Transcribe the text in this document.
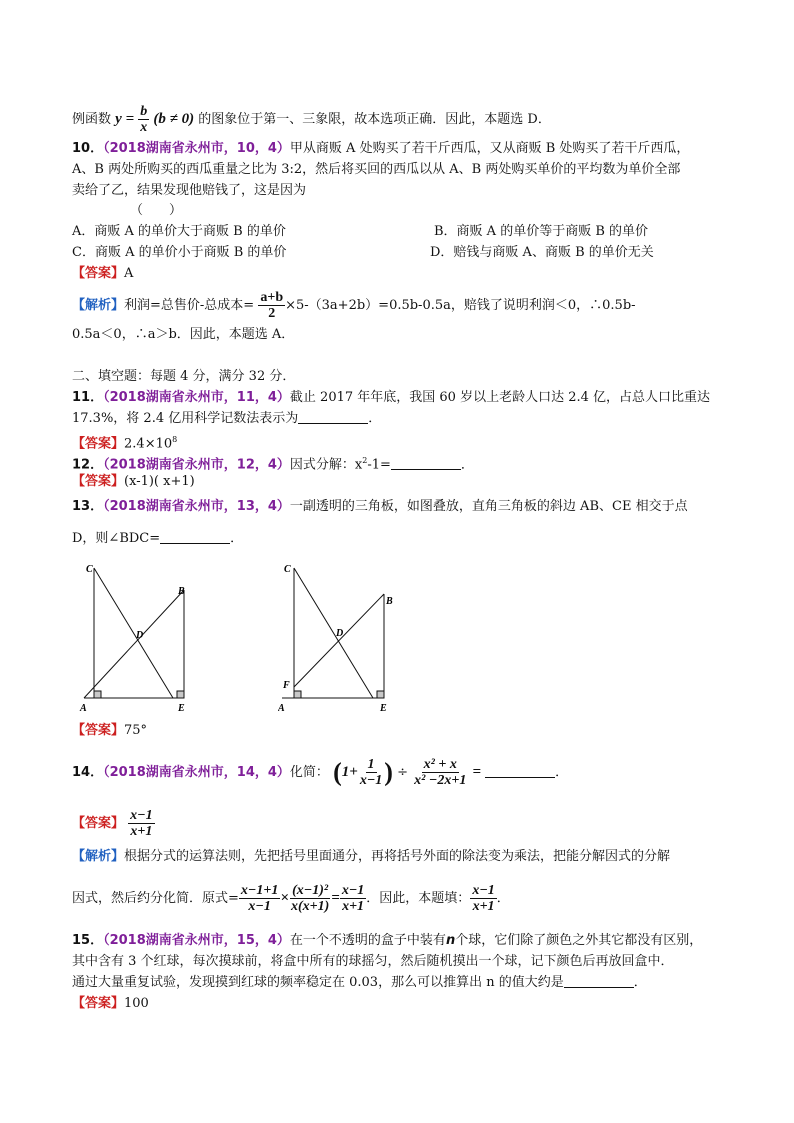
例函数 $y = \frac{b}{x} (b \ne 0)$ 的图象位于第一、三象限，故本选项正确．因此，本题选 D．
10．（2018湖南省永州市，10，4）甲从商贩 A 处购买了若干斤西瓜，又从商贩 B 处购买了若干斤西瓜，
A、B 两处所购买的西瓜重量之比为 3:2，然后将买回的西瓜以从 A、B 两处购买单价的平均数为单价全部
卖给了乙，结果发现他赔钱了，这是因为
（　　）
A．商贩 A 的单价大于商贩 B 的单价	B．商贩 A 的单价等于商贩 B 的单价
C．商贩 A 的单价小于商贩 B 的单价	D．赔钱与商贩 A、商贩 B 的单价无关
【答案】A
【解析】利润=总售价-总成本= $\frac{a+b}{2} \times 5-(3a+2b)=0.5b-0.5a$，赔钱了说明利润＜0，∴0.5b-
0.5a＜0，∴a＞b．因此，本题选 A．
二、填空题：每题 4 分，满分 32 分．
11．（2018湖南省永州市，11，4）截止 2017 年年底，我国 60 岁以上老龄人口达 2.4 亿，占总人口比重达
17.3%，将 2.4 亿用科学记数法表示为	．
【答案】$2.4\times 10^8$
12．（2018湖南省永州市，12，4）因式分解：$x^2-1=$	．
【答案】(x-1)( x+1)
13．（2018湖南省永州市，13，4）一副透明的三角板，如图叠放，直角三角板的斜边 AB、CE 相交于点
D，则∠BDC=	．
C
B
D
A	E
C
B
D
F
A	E
【答案】75°
14．（2018湖南省永州市，14，4）化简： ($1+ \frac{1}{x-1}$ ) ÷ $\frac{\text{x² + x}}{\text{x² −2x+1}}$ =	．
【答案】 $\frac{x-1}{x+1}$
【解析】根据分式的运算法则，先把括号里面通分，再将括号外面的除法变为乘法，把能分解因式的分解
因式，然后约分化简．原式= $\frac{x-1+1}{x-1} \times \frac{\text{(x−1)²}}{x(x+1)} = \frac{x-1}{x+1}$ ．因此，本题填： $\frac{x-1}{x+1}$ ．
15．（2018湖南省永州市，15，4）在一个不透明的盒子中装有n个球，它们除了颜色之外其它都没有区别，
其中含有 3 个红球，每次摸球前，将盒中所有的球摇匀，然后随机摸出一个球，记下颜色后再放回盒中．
通过大量重复试验，发现摸到红球的频率稳定在 0.03，那么可以推算出 n 的值大约是	．
【答案】100
